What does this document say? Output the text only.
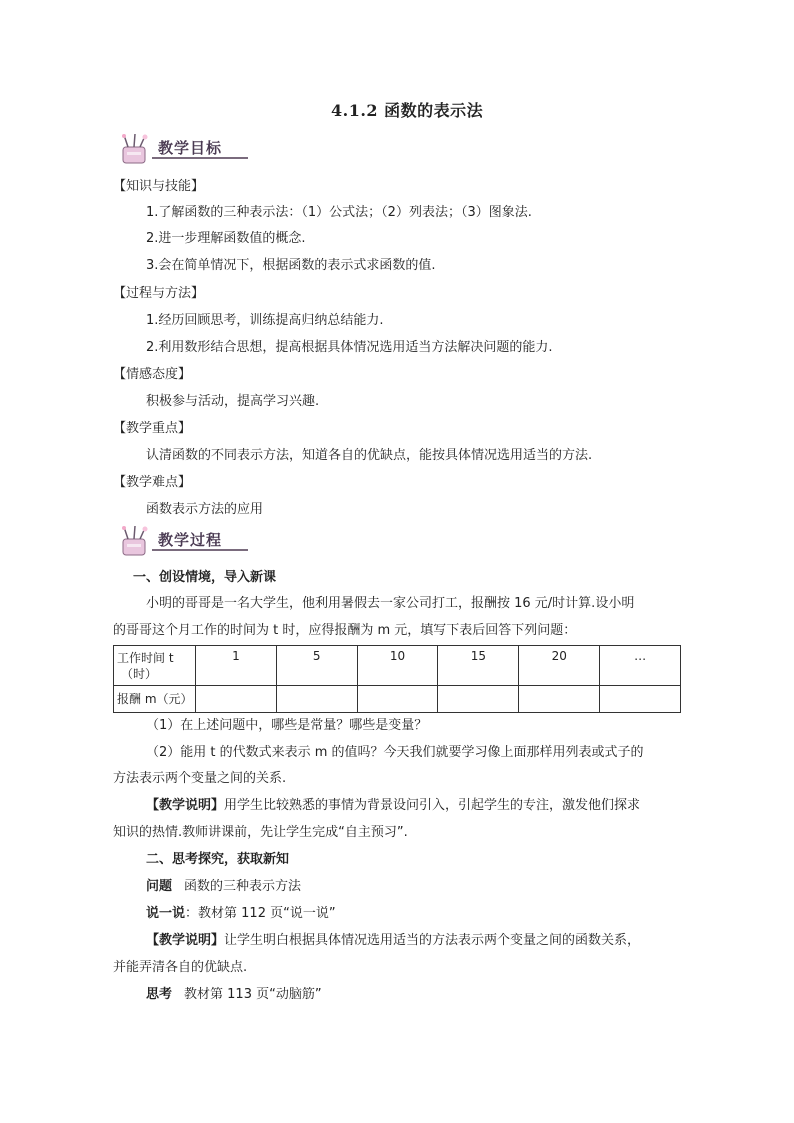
4.1.2 函数的表示法
教学目标
【知识与技能】
1.了解函数的三种表示法：（1）公式法；（2）列表法；（3）图象法.
2.进一步理解函数值的概念.
3.会在简单情况下，根据函数的表示式求函数的值.
【过程与方法】
1.经历回顾思考，训练提高归纳总结能力.
2.利用数形结合思想，提高根据具体情况选用适当方法解决问题的能力.
【情感态度】
积极参与活动，提高学习兴趣.
【教学重点】
认清函数的不同表示方法，知道各自的优缺点，能按具体情况选用适当的方法.
【教学难点】
函数表示方法的应用
教学过程
一、创设情境，导入新课
小明的哥哥是一名大学生，他利用暑假去一家公司打工，报酬按 16 元/时计算.设小明
的哥哥这个月工作的时间为 t 时，应得报酬为 m 元，填写下表后回答下列问题：
工作时间 t
（时）	1	5	10	15	20	…
报酬 m（元）						
（1）在上述问题中，哪些是常量？哪些是变量？
（2）能用 t 的代数式来表示 m 的值吗？今天我们就要学习像上面那样用列表或式子的
方法表示两个变量之间的关系.
【教学说明】用学生比较熟悉的事情为背景设问引入，引起学生的专注，激发他们探求
知识的热情.教师讲课前，先让学生完成“自主预习”.
二、思考探究，获取新知
问题 函数的三种表示方法
说一说：教材第 112 页“说一说”
【教学说明】让学生明白根据具体情况选用适当的方法表示两个变量之间的函数关系，
并能弄清各自的优缺点.
思考 教材第 113 页“动脑筋”
